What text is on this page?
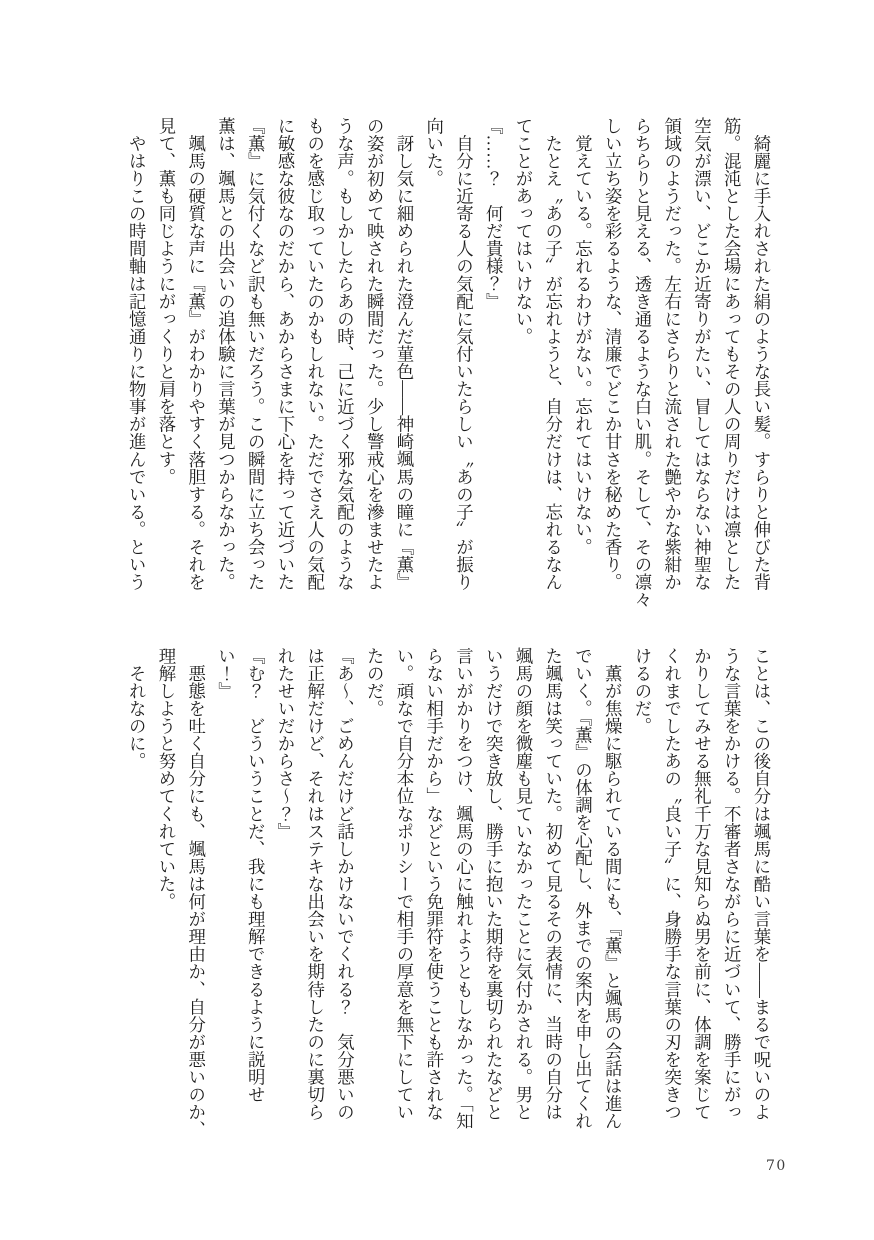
　綺麗に手入れされた絹のような長い髪。すらりと伸びた背
筋。混沌とした会場にあってもその人の周りだけは凛とした
空気が漂い、どこか近寄りがたい、冒してはならない神聖な
領域のようだった。左右にさらりと流された艶やかな紫紺か
らちらりと見える、透き通るような白い肌。そして、その凛々
しい立ち姿を彩るような、清廉でどこか甘さを秘めた香り。
　覚えている。忘れるわけがない。忘れてはいけない。
　たとえ〝あの子〟が忘れようと、自分だけは、忘れるなん
てことがあってはいけない。
『……？　何だ貴様？』
　自分に近寄る人の気配に気付いたらしい〝あの子〟が振り
向いた。
　訝し気に細められた澄んだ菫色――神崎颯馬の瞳に『薫』
の姿が初めて映された瞬間だった。少し警戒心を滲ませたよ
うな声。もしかしたらあの時、己に近づく邪な気配のような
ものを感じ取っていたのかもしれない。ただでさえ人の気配
に敏感な彼なのだから、あからさまに下心を持って近づいた
『薫』に気付くなど訳も無いだろう。この瞬間に立ち会った
薫は、颯馬との出会いの追体験に言葉が見つからなかった。
　颯馬の硬質な声に『薫』がわかりやすく落胆する。それを
見て、薫も同じようにがっくりと肩を落とす。
　やはりこの時間軸は記憶通りに物事が進んでいる。という
ことは、この後自分は颯馬に酷い言葉を――まるで呪いのよ
うな言葉をかける。不審者さながらに近づいて、勝手にがっ
かりしてみせる無礼千万な見知らぬ男を前に、体調を案じて
くれまでしたあの〝良い子〟に、身勝手な言葉の刃を突きつ
けるのだ。
　薫が焦燥に駆られている間にも、『薫』と颯馬の会話は進ん
でいく。『薫』の体調を心配し、外までの案内を申し出てくれ
た颯馬は笑っていた。初めて見るその表情に、当時の自分は
颯馬の顔を微塵も見ていなかったことに気付かされる。男と
いうだけで突き放し、勝手に抱いた期待を裏切られたなどと
言いがかりをつけ、颯馬の心に触れようともしなかった。「知
らない相手だから」などという免罪符を使うことも許されな
い。頑なで自分本位なポリシーで相手の厚意を無下にしてい
たのだ。
『あ〜、ごめんだけど話しかけないでくれる？　気分悪いの
は正解だけど、それはステキな出会いを期待したのに裏切ら
れたせいだからさ〜？』
『む？　どういうことだ、我にも理解できるように説明せ
い！』
　悪態を吐く自分にも、颯馬は何が理由か、自分が悪いのか、
理解しようと努めてくれていた。
　それなのに。
70
